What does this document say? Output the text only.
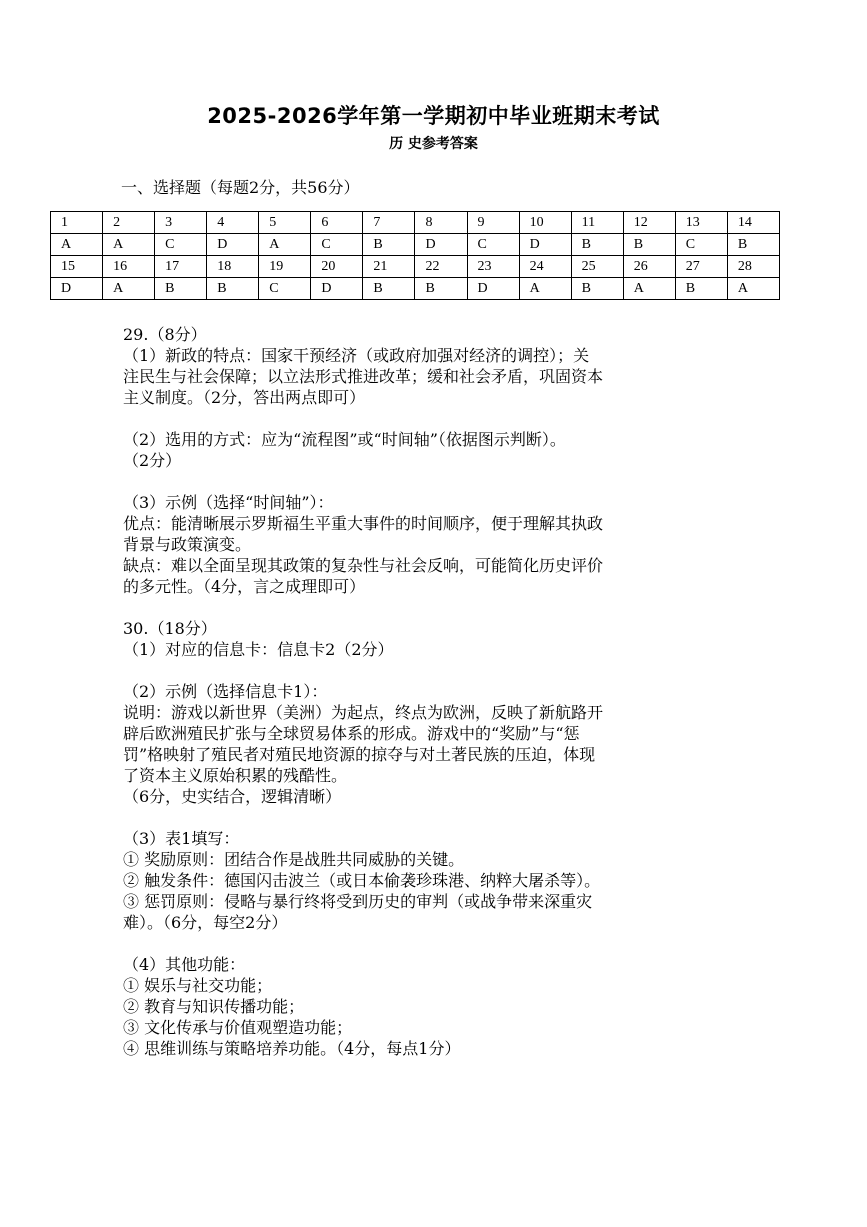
2025-2026学年第一学期初中毕业班期末考试
历 史参考答案
一、选择题（每题2分，共56分）
1	2	3	4	5	6	7	8	9	10	11	12	13	14
A	A	C	D	A	C	B	D	C	D	B	B	C	B
15	16	17	18	19	20	21	22	23	24	25	26	27	28
D	A	B	B	C	D	B	B	D	A	B	A	B	A

29.（8分）

（1）新政的特点：国家干预经济（或政府加强对经济的调控）；关

注民生与社会保障；以立法形式推进改革；缓和社会矛盾，巩固资本

主义制度。（2分，答出两点即可）

（2）选用的方式：应为“流程图”或“时间轴”（依据图示判断）。

（2分）

（3）示例（选择“时间轴”）：

优点：能清晰展示罗斯福生平重大事件的时间顺序，便于理解其执政

背景与政策演变。

缺点：难以全面呈现其政策的复杂性与社会反响，可能简化历史评价

的多元性。（4分，言之成理即可）

30.（18分）

（1）对应的信息卡：信息卡2（2分）

（2）示例（选择信息卡1）：

说明：游戏以新世界（美洲）为起点，终点为欧洲，反映了新航路开

辟后欧洲殖民扩张与全球贸易体系的形成。游戏中的“奖励”与“惩

罚”格映射了殖民者对殖民地资源的掠夺与对土著民族的压迫，体现

了资本主义原始积累的残酷性。

（6分，史实结合，逻辑清晰）

（3）表1填写：

① 奖励原则：团结合作是战胜共同威胁的关键。

② 触发条件：德国闪击波兰（或日本偷袭珍珠港、纳粹大屠杀等）。

③ 惩罚原则：侵略与暴行终将受到历史的审判（或战争带来深重灾

难）。（6分，每空2分）

（4）其他功能：

① 娱乐与社交功能；

② 教育与知识传播功能；

③ 文化传承与价值观塑造功能；

④ 思维训练与策略培养功能。（4分，每点1分）
